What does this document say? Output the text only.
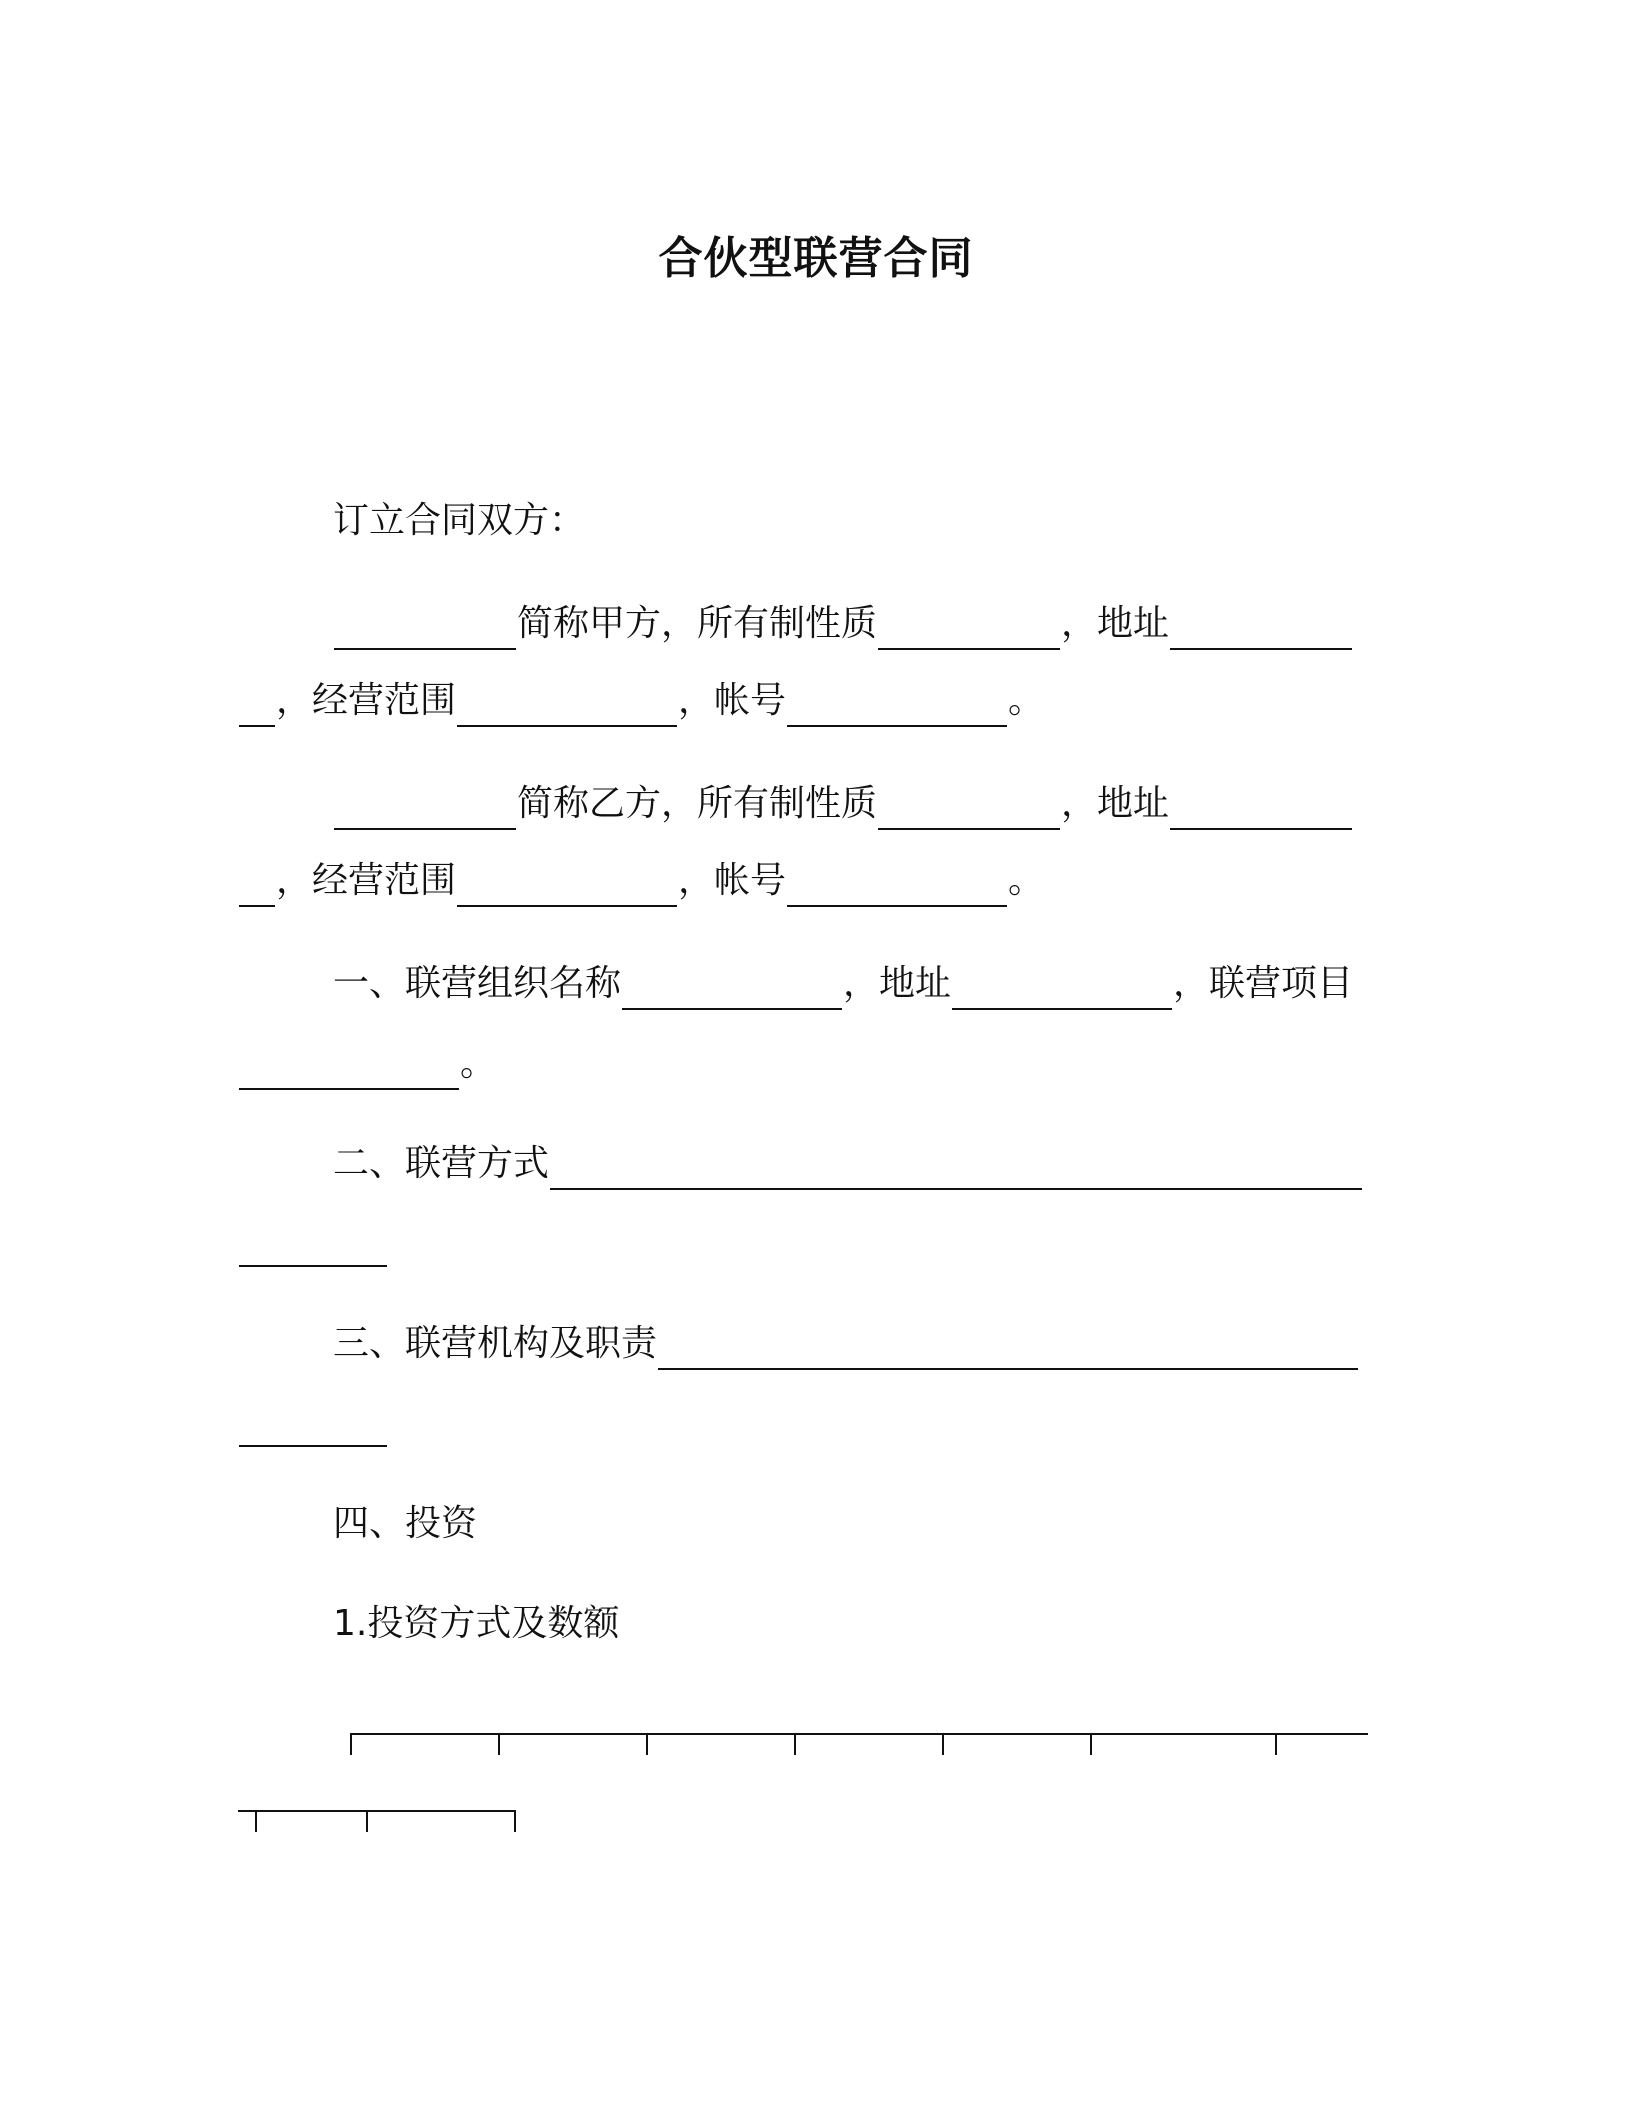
合伙型联营合同
订立合同双方：
简称甲方，所有制性质	，地址
，经营范围	，帐号	。
简称乙方，所有制性质	，地址
，经营范围	，帐号	。
一、联营组织名称	，地址	，联营项目
。
二、联营方式
三、联营机构及职责
四、投资
1.投资方式及数额
